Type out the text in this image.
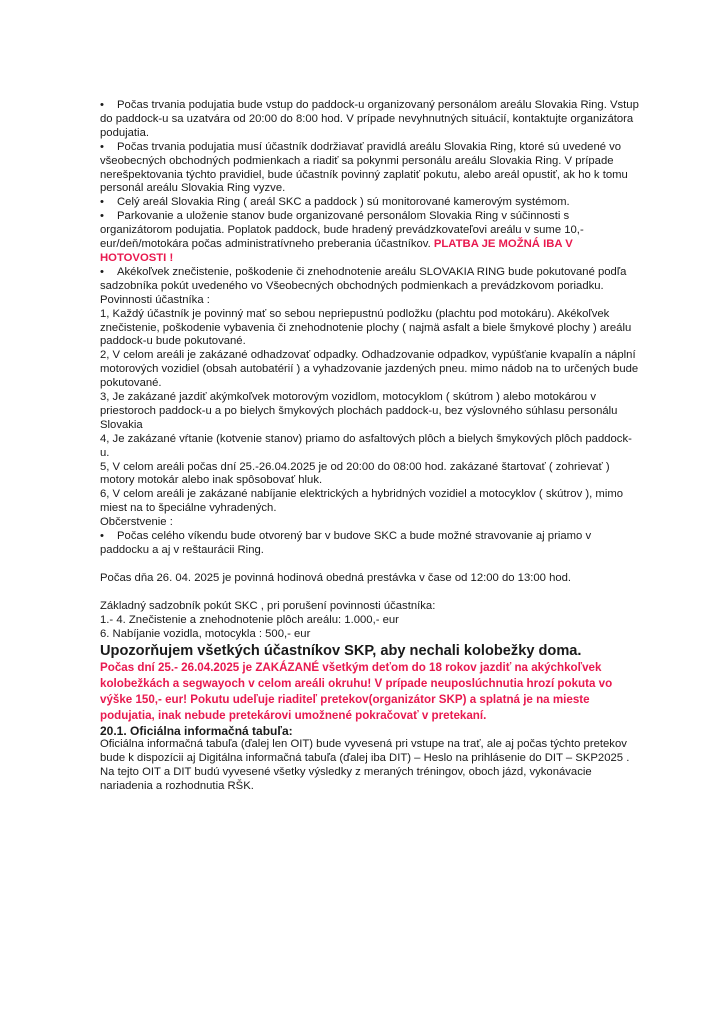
• Počas trvania podujatia bude vstup do paddock-u organizovaný personálom areálu Slovakia Ring. Vstup do paddock-u sa uzatvára od 20:00 do 8:00 hod. V prípade nevyhnutných situácií, kontaktujte organizátora podujatia.

• Počas trvania podujatia musí účastník dodržiavať pravidlá areálu Slovakia Ring, ktoré sú uvedené vo všeobecných obchodných podmienkach a riadiť sa pokynmi personálu areálu Slovakia Ring. V prípade nerešpektovania týchto pravidiel, bude účastník povinný zaplatiť pokutu, alebo areál opustiť, ak ho k tomu personál areálu Slovakia Ring vyzve.

• Celý areál Slovakia Ring ( areál SKC a paddock ) sú monitorované kamerovým systémom.

• Parkovanie a uloženie stanov bude organizované personálom Slovakia Ring v súčinnosti s organizátorom podujatia. Poplatok paddock, bude hradený prevádzkovateľovi areálu v sume 10,-eur/deň/motokára počas administratívneho preberania účastníkov. PLATBA JE MOŽNÁ IBA V HOTOVOSTI !

• Akékoľvek znečistenie, poškodenie či znehodnotenie areálu SLOVAKIA RING bude pokutované podľa sadzobníka pokút uvedeného vo Všeobecných obchodných podmienkach a prevádzkovom poriadku.

Povinnosti účastníka :

1, Každý účastník je povinný mať so sebou nepriepustnú podložku (plachtu pod motokáru). Akékoľvek znečistenie, poškodenie vybavenia či znehodnotenie plochy ( najmä asfalt a biele šmykové plochy ) areálu paddock-u bude pokutované.

2, V celom areáli je zakázané odhadzovať odpadky. Odhadzovanie odpadkov, vypúšťanie kvapalín a náplní motorových vozidiel (obsah autobatérií ) a vyhadzovanie jazdených pneu. mimo nádob na to určených bude pokutované.

3, Je zakázané jazdiť akýmkoľvek motorovým vozidlom, motocyklom ( skútrom ) alebo motokárou v priestoroch paddock-u a po bielych šmykových plochách paddock-u, bez výslovného súhlasu personálu Slovakia

4, Je zakázané vŕtanie (kotvenie stanov) priamo do asfaltových plôch a bielych šmykových plôch paddock-u.

5, V celom areáli počas dní 25.-26.04.2025 je od 20:00 do 08:00 hod. zakázané štartovať ( zohrievať ) motory motokár alebo inak spôsobovať hluk.

6, V celom areáli je zakázané nabíjanie elektrických a hybridných vozidiel a motocyklov ( skútrov ), mimo miest na to špeciálne vyhradených.

Občerstvenie :

• Počas celého víkendu bude otvorený bar v budove SKC a bude možné stravovanie aj priamo v paddocku a aj v reštaurácii Ring.

Počas dňa 26. 04. 2025 je povinná hodinová obedná prestávka v čase od 12:00 do 13:00 hod.

Základný sadzobník pokút SKC , pri porušení povinnosti účastníka:

1.- 4. Znečistenie a znehodnotenie plôch areálu: 1.000,- eur

6. Nabíjanie vozidla, motocykla : 500,- eur

Upozorňujem všetkých účastníkov SKP, aby nechali kolobežky doma.

Počas dní 25.- 26.04.2025 je ZAKÁZANÉ všetkým deťom do 18 rokov jazdiť na akýchkoľvek kolobežkách a segwayoch v celom areáli okruhu! V prípade neuposlúchnutia hrozí pokuta vo výške 150,- eur! Pokutu udeľuje riaditeľ pretekov(organizátor SKP) a splatná je na mieste podujatia, inak nebude pretekárovi umožnené pokračovať v pretekaní.

20.1. Oficiálna informačná tabuľa:

Oficiálna informačná tabuľa (ďalej len OIT) bude vyvesená pri vstupe na trať, ale aj počas týchto pretekov bude k dispozícii aj Digitálna informačná tabuľa (ďalej iba DIT) – Heslo na prihlásenie do DIT – SKP2025 . Na tejto OIT a DIT budú vyvesené všetky výsledky z meraných tréningov, oboch jázd, vykonávacie nariadenia a rozhodnutia RŠK.
